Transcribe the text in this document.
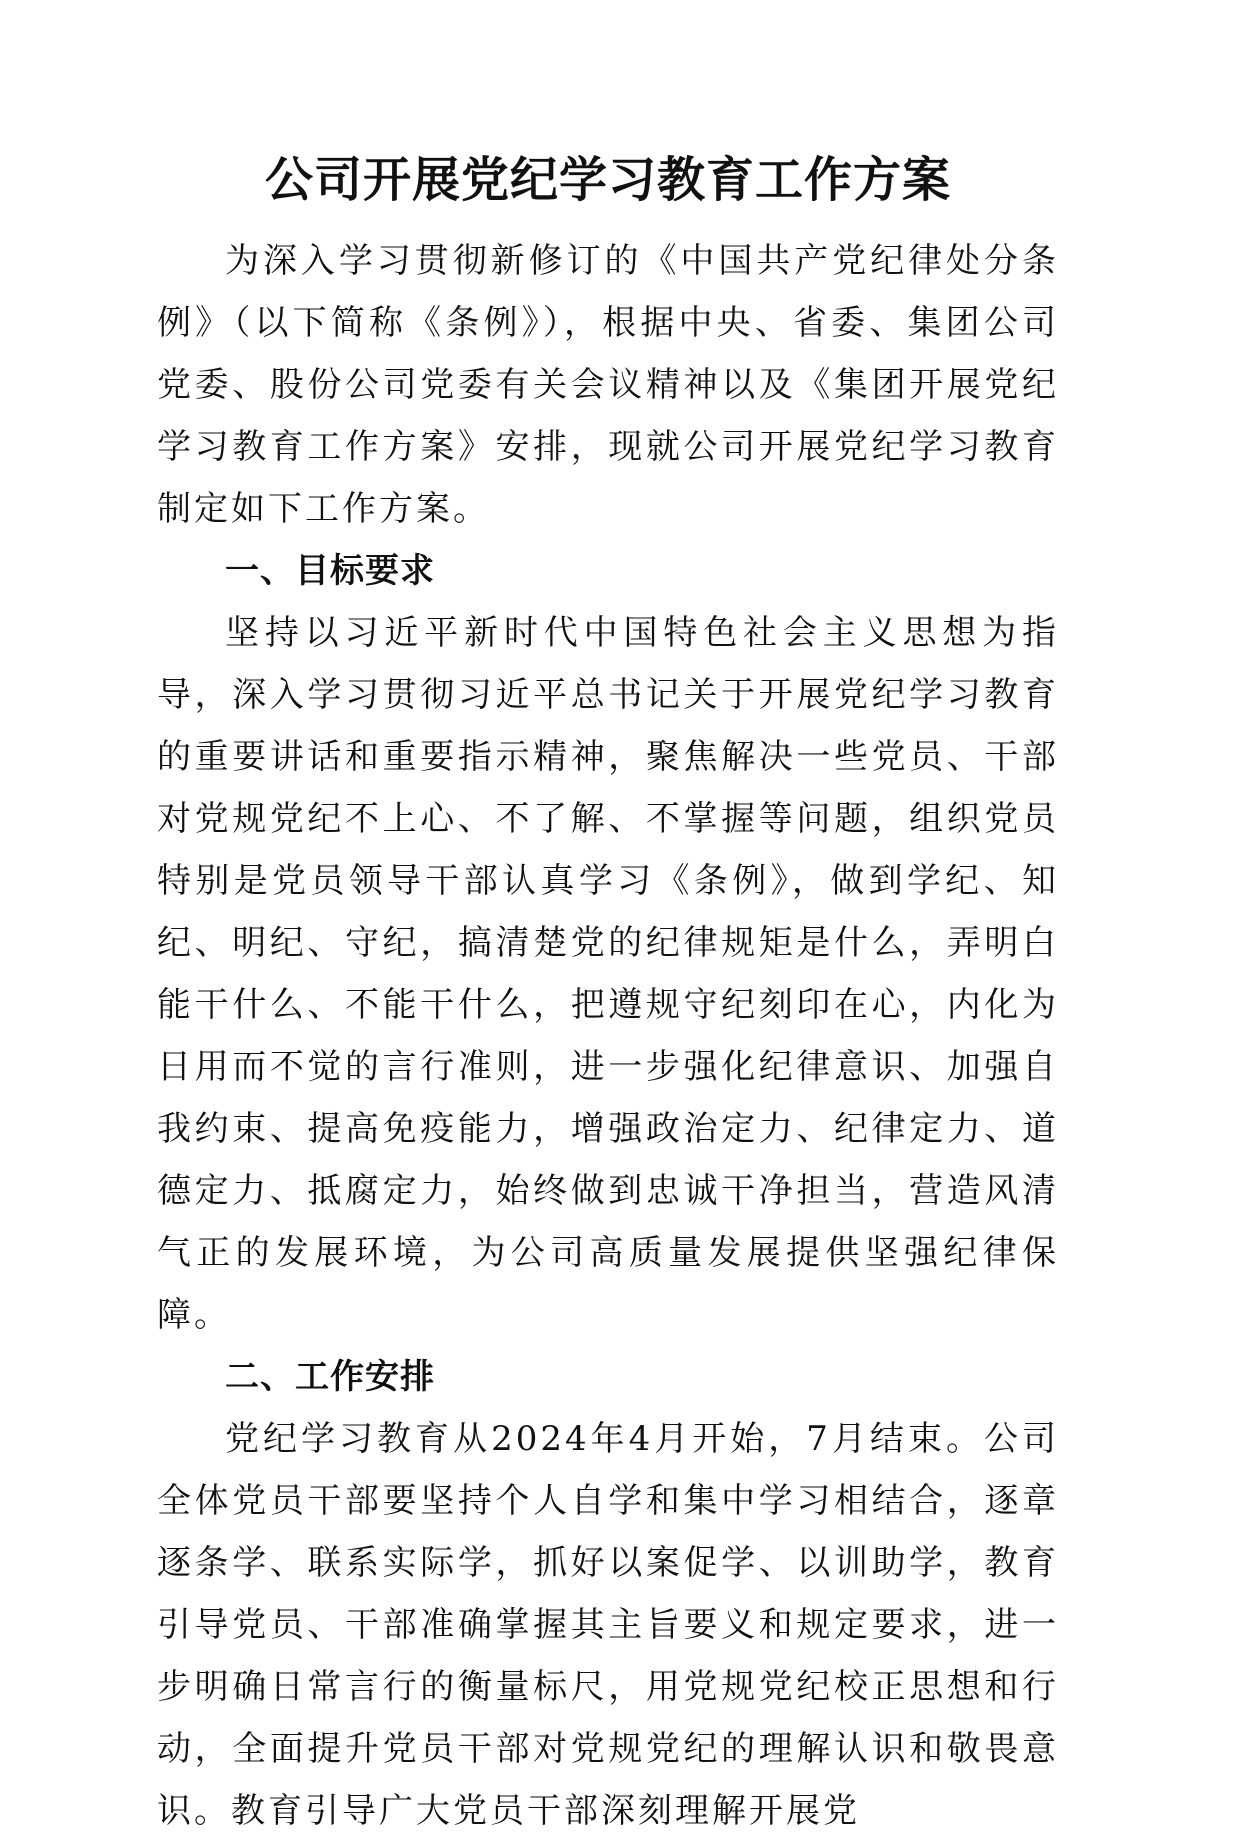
公司开展党纪学习教育工作方案

为深入学习贯彻新修订的《中国共产党纪律处分条例》（以下简称《条例》），根据中央、省委、集团公司党委、股份公司党委有关会议精神以及《集团开展党纪学习教育工作方案》安排，现就公司开展党纪学习教育制定如下工作方案。

一、目标要求

坚持以习近平新时代中国特色社会主义思想为指导，深入学习贯彻习近平总书记关于开展党纪学习教育的重要讲话和重要指示精神，聚焦解决一些党员、干部对党规党纪不上心、不了解、不掌握等问题，组织党员特别是党员领导干部认真学习《条例》，做到学纪、知纪、明纪、守纪，搞清楚党的纪律规矩是什么，弄明白能干什么、不能干什么，把遵规守纪刻印在心，内化为日用而不觉的言行准则，进一步强化纪律意识、加强自我约束、提高免疫能力，增强政治定力、纪律定力、道德定力、抵腐定力，始终做到忠诚干净担当，营造风清气正的发展环境，为公司高质量发展提供坚强纪律保障。

二、工作安排

党纪学习教育从2024年4月开始，7月结束。公司全体党员干部要坚持个人自学和集中学习相结合，逐章逐条学、联系实际学，抓好以案促学、以训助学，教育引导党员、干部准确掌握其主旨要义和规定要求，进一步明确日常言行的衡量标尺，用党规党纪校正思想和行动，全面提升党员干部对党规党纪的理解认识和敬畏意识。教育引导广大党员干部深刻理解开展党
